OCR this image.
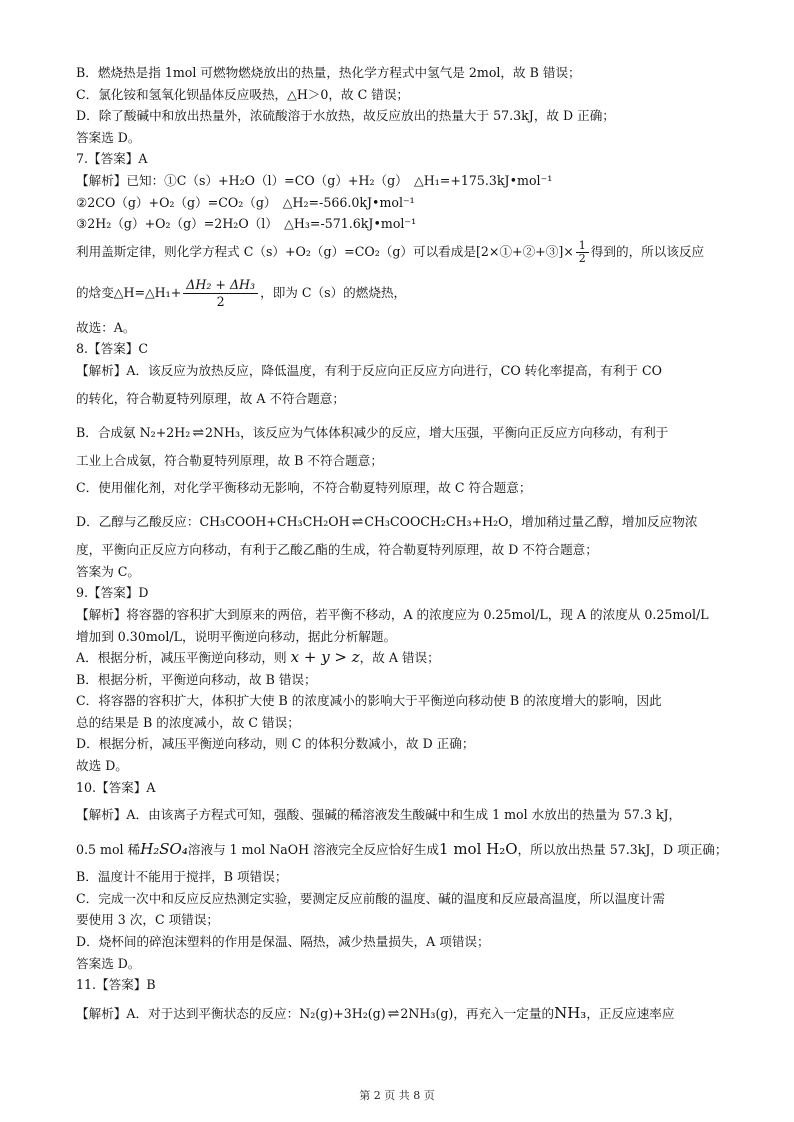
B．燃烧热是指 1mol 可燃物燃烧放出的热量，热化学方程式中氢气是 2mol，故 B 错误；
C．氯化铵和氢氧化钡晶体反应吸热，△H＞0，故 C 错误；
D．除了酸碱中和放出热量外，浓硫酸溶于水放热，故反应放出的热量大于 57.3kJ，故 D 正确；
答案选 D。
7.【答案】A
【解析】已知：①C（s）+H₂O（l）=CO（g）+H₂（g）　△H₁=+175.3kJ•mol⁻¹
②2CO（g）+O₂（g）=CO₂（g）　△H₂=-566.0kJ•mol⁻¹
③2H₂（g）+O₂（g）=2H₂O（l）　△H₃=-571.6kJ•mol⁻¹
利用盖斯定律，则化学方程式 C（s）+O₂（g）=CO₂（g）可以看成是[2×①+②+③]× $\frac{1}{2}$ 得到的，所以该反应
的焓变△H=△H₁+ $\frac{\text{ΔH₂ + ΔH₃}}{2}$ ，即为 C（s）的燃烧热，
故选：A。
8.【答案】C
【解析】A．该反应为放热反应，降低温度，有利于反应向正反应方向进行，CO 转化率提高，有利于 CO
的转化，符合勒夏特列原理，故 A 不符合题意；
B．合成氨 N₂+2H₂ ⇌ 2NH₃，该反应为气体体积减少的反应，增大压强，平衡向正反应方向移动，有利于
工业上合成氨，符合勒夏特列原理，故 B 不符合题意；
C．使用催化剂，对化学平衡移动无影响，不符合勒夏特列原理，故 C 符合题意；
D．乙醇与乙酸反应：CH₃COOH+CH₃CH₂OH ⇌ CH₃COOCH₂CH₃+H₂O，增加稍过量乙醇，增加反应物浓
度，平衡向正反应方向移动，有利于乙酸乙酯的生成，符合勒夏特列原理，故 D 不符合题意；
答案为 C。
9.【答案】D
【解析】将容器的容积扩大到原来的两倍，若平衡不移动，A 的浓度应为 0.25mol/L，现 A 的浓度从 0.25mol/L
增加到 0.30mol/L，说明平衡逆向移动，据此分析解题。
A．根据分析，减压平衡逆向移动，则 x + y > z，故 A 错误；
B．根据分析，平衡逆向移动，故 B 错误；
C．将容器的容积扩大，体积扩大使 B 的浓度减小的影响大于平衡逆向移动使 B 的浓度增大的影响，因此
总的结果是 B 的浓度减小，故 C 错误；
D．根据分析，减压平衡逆向移动，则 C 的体积分数减小，故 D 正确；
故选 D。
10.【答案】A
【解析】A．由该离子方程式可知，强酸、强碱的稀溶液发生酸碱中和生成 1 mol 水放出的热量为 57.3 kJ，
0.5 mol 稀H₂SO₄溶液与 1 mol NaOH 溶液完全反应恰好生成1 mol H₂O，所以放出热量 57.3kJ，D 项正确；
B．温度计不能用于搅拌，B 项错误；
C．完成一次中和反应反应热测定实验，要测定反应前酸的温度、碱的温度和反应最高温度，所以温度计需
要使用 3 次，C 项错误；
D．烧杯间的碎泡沫塑料的作用是保温、隔热，减少热量损失，A 项错误；
答案选 D。
11.【答案】B
【解析】A．对于达到平衡状态的反应：N₂(g)+3H₂(g) ⇌ 2NH₃(g)，再充入一定量的NH₃，正反应速率应
第 2 页 共 8 页
